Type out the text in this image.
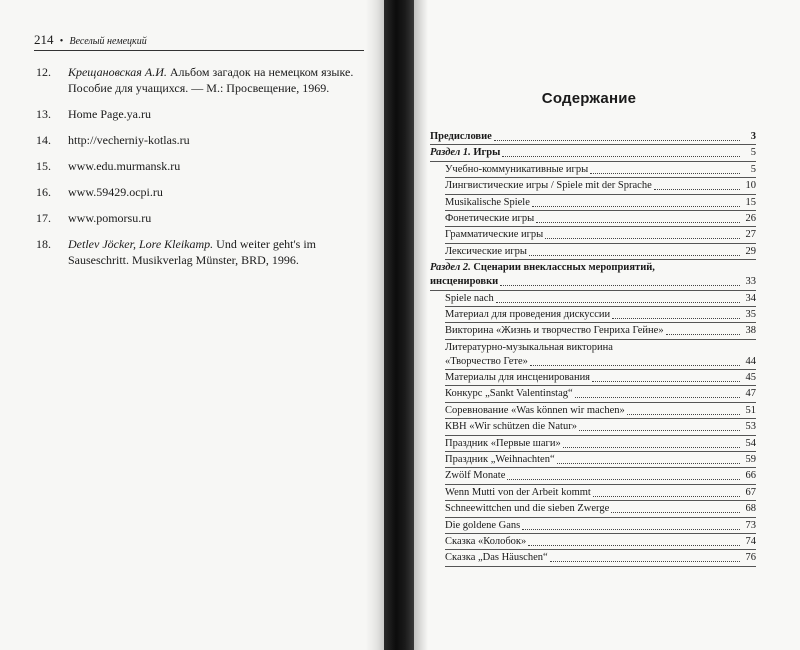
214 • Веселый немецкий
12.	Крещановская А.И. Альбом загадок на немецком языке. Пособие для учащихся. — М.: Просвещение, 1969.
13.	Home Page.ya.ru
14.	http://vecherniy-kotlas.ru
15.	www.edu.murmansk.ru
16.	www.59429.ocpi.ru
17.	www.pomorsu.ru
18.	Detlev Jöcker, Lore Kleikamp. Und weiter geht's im Sauseschritt. Musikverlag Münster, BRD, 1996.
Содержание
Предисловие	3
Раздел 1. Игры	5
Учебно-коммуникативные игры	5
Лингвистические игры / Spiele mit der Sprache	10
Musikalische Spiele	15
Фонетические игры	26
Грамматические игры	27
Лексические игры	29
Раздел 2. Сценарии внеклассных мероприятий,
инсценировки	33
Spiele nach	34
Материал для проведения дискуссии	35
Викторина «Жизнь и творчество Генриха Гейне»	38
Литературно-музыкальная викторина
«Творчество Гете»	44
Материалы для инсценирования	45
Конкурс „Sankt Valentinstag“	47
Соревнование «Was können wir machen»	51
КВН «Wir schützen die Natur»	53
Праздник «Первые шаги»	54
Праздник „Weihnachten“	59
Zwölf Monate	66
Wenn Mutti von der Arbeit kommt	67
Schneewittchen und die sieben Zwerge	68
Die goldene Gans	73
Сказка «Колобок»	74
Сказка „Das Häuschen“	76
